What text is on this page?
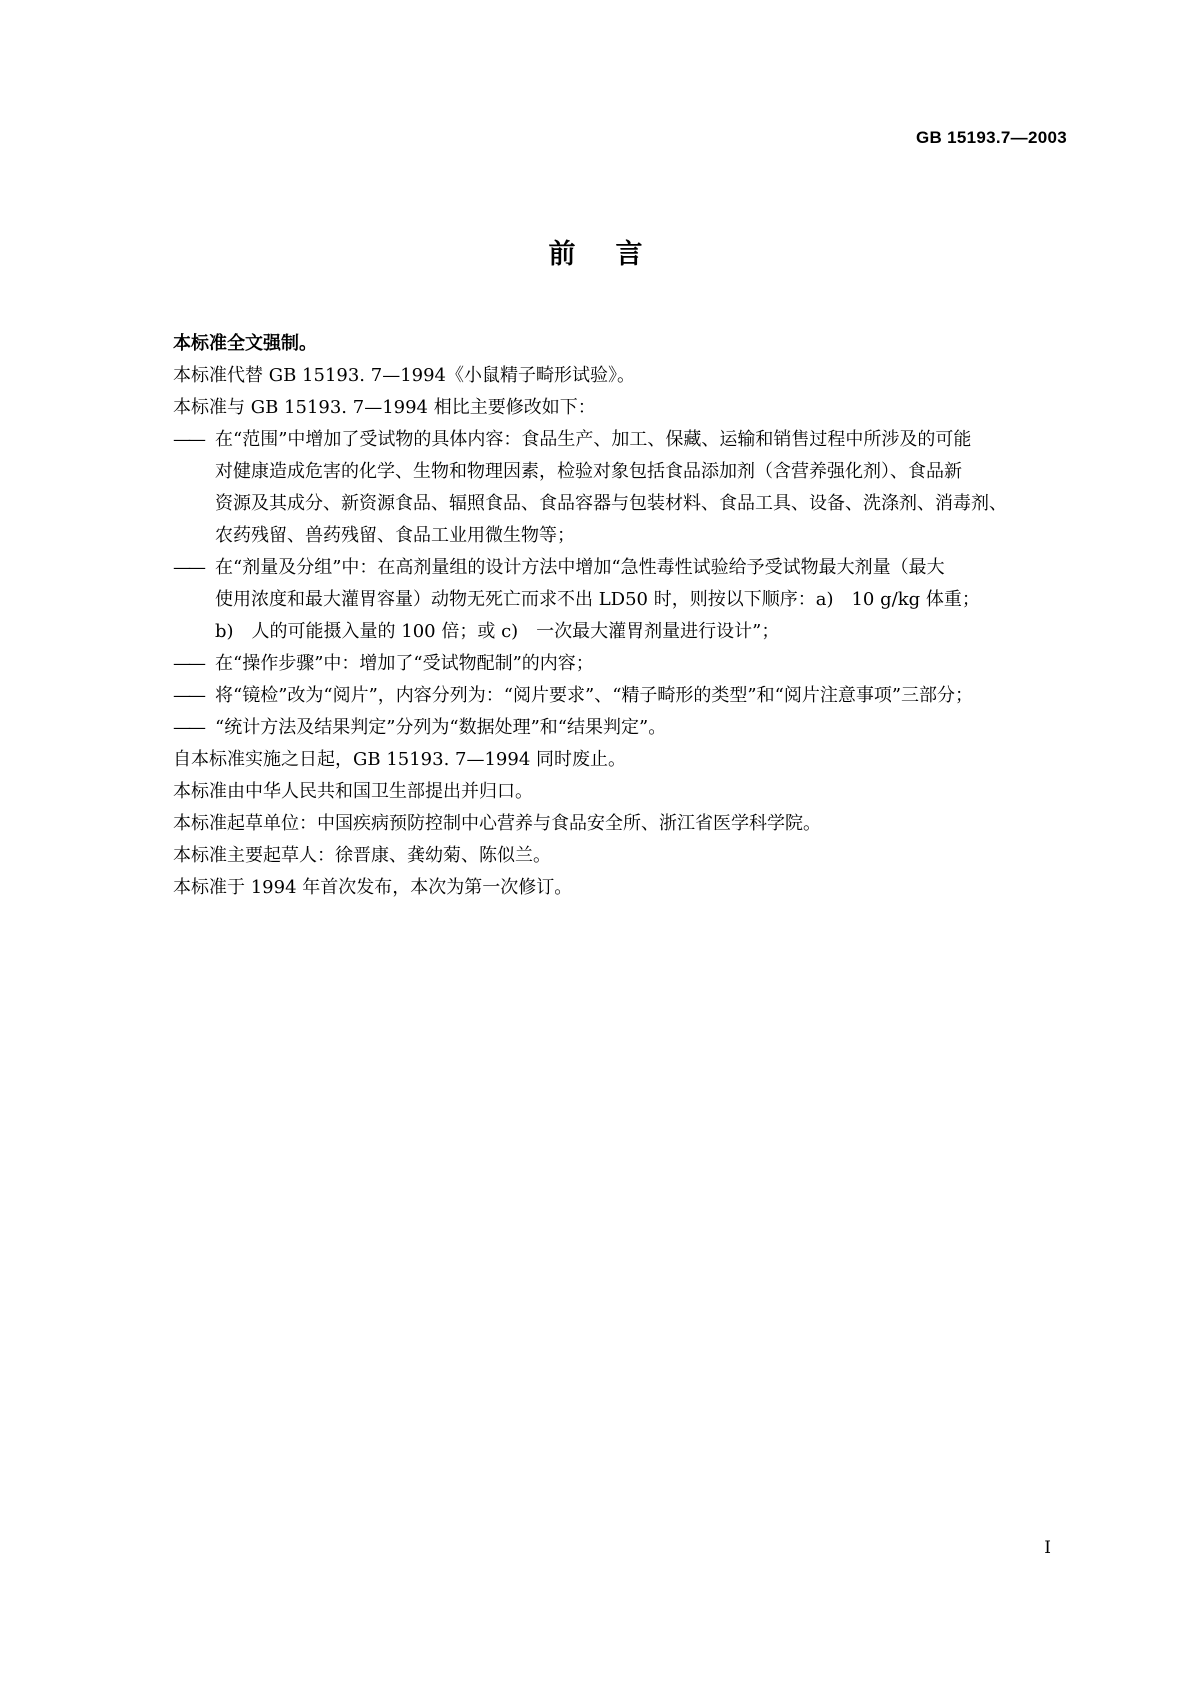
GB 15193.7—2003
前言

本标准全文强制。

本标准代替 GB 15193. 7—1994《小鼠精子畸形试验》。

本标准与 GB 15193. 7—1994 相比主要修改如下：

—— 在“范围”中增加了受试物的具体内容：食品生产、加工、保藏、运输和销售过程中所涉及的可能
对健康造成危害的化学、生物和物理因素，检验对象包括食品添加剂（含营养强化剂）、食品新
资源及其成分、新资源食品、辐照食品、食品容器与包装材料、食品工具、设备、洗涤剂、消毒剂、
农药残留、兽药残留、食品工业用微生物等；
—— 在“剂量及分组”中：在高剂量组的设计方法中增加“急性毒性试验给予受试物最大剂量（最大
使用浓度和最大灌胃容量）动物无死亡而求不出 LD50 时，则按以下顺序：a)　10 g/kg 体重；
b)　人的可能摄入量的 100 倍；或 c)　一次最大灌胃剂量进行设计”；
—— 在“操作步骤”中：增加了“受试物配制”的内容；
—— 将“镜检”改为“阅片”，内容分列为：“阅片要求”、“精子畸形的类型”和“阅片注意事项”三部分；
—— “统计方法及结果判定”分列为“数据处理”和“结果判定”。

自本标准实施之日起，GB 15193. 7—1994 同时废止。

本标准由中华人民共和国卫生部提出并归口。

本标准起草单位：中国疾病预防控制中心营养与食品安全所、浙江省医学科学院。

本标准主要起草人：徐晋康、龚幼菊、陈似兰。

本标准于 1994 年首次发布，本次为第一次修订。

I
